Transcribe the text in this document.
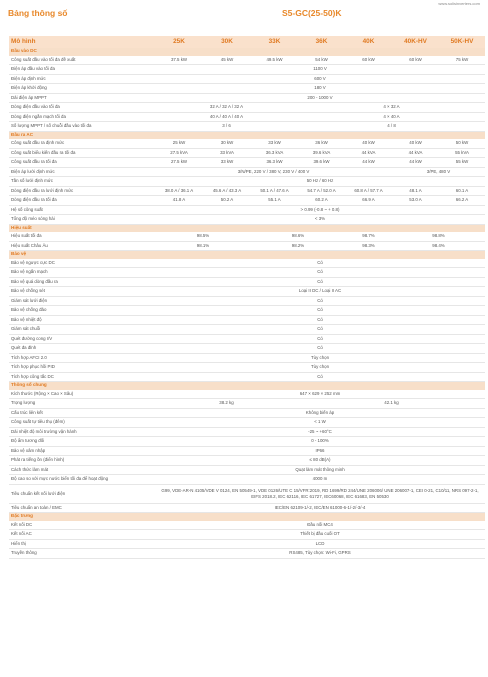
www.solisinverters.com
Bảng thông số	S5-GC(25-50)K
Mô hình	25K	30K	33K	36K	40K	40K-HV	50K-HV
Đầu vào DC							
Công suất đầu vào tối đa đề xuất	37.5 kW	45 kW	49.5 kW	54 kW	60 kW	60 kW	75 kW
Điện áp đầu vào tối đa	1100 V						
Điện áp định mức	600 V						
Điện áp khởi động	180 V						
Dải điện áp MPPT	200 - 1000 V						
Dòng điện đầu vào tối đa	32 A / 32 A / 32 A			4 × 32 A			
Dòng điện ngắn mạch tối đa	40 A / 40 A / 40 A			4 × 40 A			
Số lượng MPPT / số chuỗi đầu vào tối đa	3 / 6			4 / 8			
Đầu ra AC							
Công suất đầu ra định mức	25 kW	30 kW	33 kW	36 kW	40 kW	40 kW	50 kW
Công suất biểu kiến đầu ra tối đa	27.5 kVA	33 kVA	36.3 kVA	39.6 kVA	44 kVA	44 kVA	55 kVA
Công suất đầu ra tối đa	27.5 kW	33 kW	36.3 kW	39.6 kW	44 kW	44 kW	55 kW
Điện áp lưới định mức	3/N/PE, 220 V / 380 V, 230 V / 400 V					3/PE, 480 V	
Tần số lưới định mức	50 Hz / 60 Hz						
Dòng điện đầu ra lưới định mức	38.0 A / 36.1 A	45.6 A / 43.3 A	50.1 A / 47.6 A	54.7 A / 52.0 A	60.8 A / 57.7 A	48.1 A	60.1 A
Dòng điện đầu ra tối đa	41.8 A	50.2 A	55.1 A	60.2 A	66.9 A	53.0 A	66.2 A
Hệ số công suất	> 0.99 (-0.8 ~ + 0.8)						
Tổng độ méo sóng hài	< 3%						
Hiệu suất							
Hiệu suất tối đa	98.5%		98.6%		98.7%	98.8%	
Hiệu suất Châu Âu	98.1%		98.2%		98.3%	98.4%	
Bảo vệ							
Bảo vệ ngược cực DC	Có						
Bảo vệ ngắn mạch	Có						
Bảo vệ quá dòng đầu ra	Có						
Bảo vệ chống sét	Loại II DC / Loại II AC						
Giám sát lưới điện	Có						
Bảo vệ chống đảo	Có						
Bảo vệ nhiệt độ	Có						
Giám sát chuỗi	Có						
Quét đường cong I/V	Có						
Quét đa đỉnh	Có						
Tích hợp AFCI 2.0	Tùy chọn						
Tích hợp phục hồi PID	Tùy chọn						
Tích hợp công tắc DC	Có						
Thông số chung							
Kích thước (Rộng × Cao × Sâu)	647 × 629 × 252 mm						
Trọng lượng	38.2 kg			42.1 kg			
Cấu trúc liên kết	Không biến áp						
Công suất tự tiêu thụ (đêm)	< 1 W						
Dải nhiệt độ môi trường vận hành	-25 ~ +60°C						
Độ ẩm tương đối	0 - 100%						
Bảo vệ xâm nhập	IP66						
Phát ra tiếng ồn (điển hình)	≤ 80 dB(A)						
Cách thức làm mát	Quạt làm mát thông minh						
Độ cao so với mực nước biển tối đa để hoạt động	4000 m						
Tiêu chuẩn kết nối lưới điện	G99, VDE-AR-N 4105/VDE V 0124, EN 50549-1, VDE 0126/UTE C 15/VFR:2019, RD 1699/RD 244/UNE 206006/ UNE 206007-1, CEI 0-21, C10/11, NRS 097-2-1, EIFS 2018.2, IEC 62116, IEC 61727, IEC60068, IEC 61683, EN 50530						
Tiêu chuẩn an toàn / EMC	IEC/EN 62109-1/-2, IEC/EN 61000-6-1/-2/-3/-4						
Đặc trưng							
Kết nối DC	Đầu nối MC4						
Kết nối AC	Thiết bị đầu cuối OT						
Hiển thị	LCD						
Truyền thông	RS485, Tùy chọn: Wi-Fi, GPRS						
